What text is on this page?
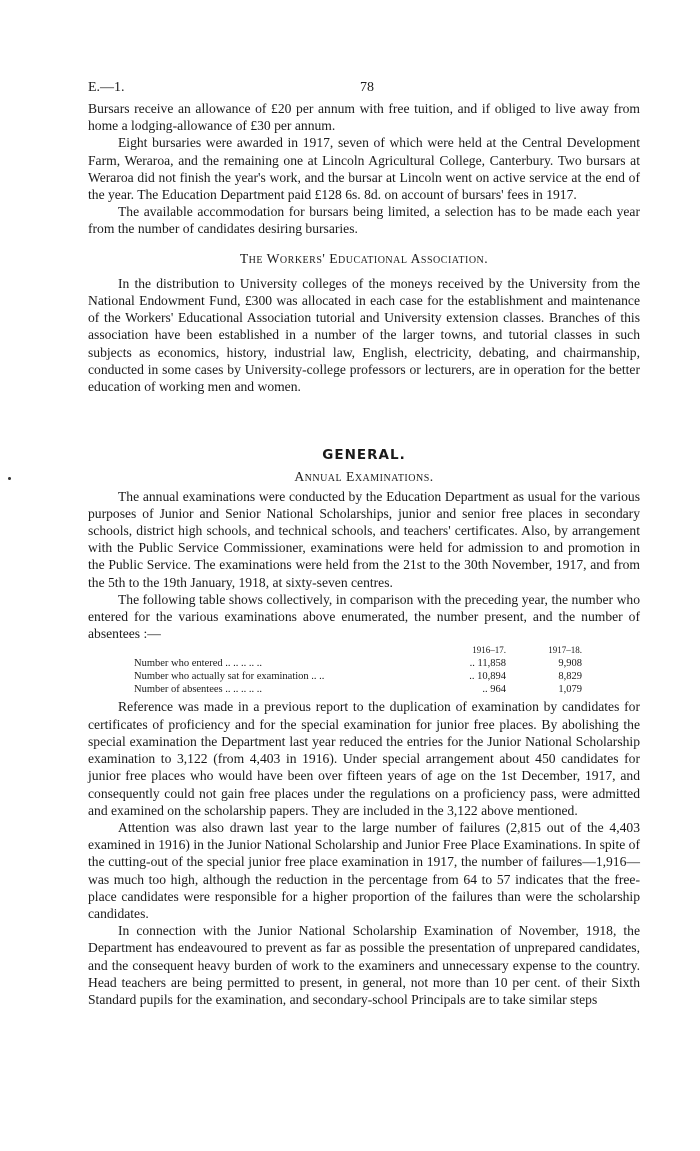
E.—1.	78

Bursars receive an allowance of £20 per annum with free tuition, and if obliged to live away from home a lodging-allowance of £30 per annum.

Eight bursaries were awarded in 1917, seven of which were held at the Central Development Farm, Weraroa, and the remaining one at Lincoln Agricultural College, Canterbury. Two bursars at Weraroa did not finish the year's work, and the bursar at Lincoln went on active service at the end of the year. The Education Department paid £128 6s. 8d. on account of bursars' fees in 1917.

The available accommodation for bursars being limited, a selection has to be made each year from the number of candidates desiring bursaries.

The Workers' Educational Association.

In the distribution to University colleges of the moneys received by the University from the National Endowment Fund, £300 was allocated in each case for the establishment and maintenance of the Workers' Educational Association tutorial and University extension classes. Branches of this association have been established in a number of the larger towns, and tutorial classes in such subjects as economics, history, industrial law, English, electricity, debating, and chairmanship, conducted in some cases by University-college professors or lecturers, are in operation for the better education of working men and women.

GENERAL.
Annual Examinations.

The annual examinations were conducted by the Education Department as usual for the various purposes of Junior and Senior National Scholarships, junior and senior free places in secondary schools, district high schools, and technical schools, and teachers' certificates. Also, by arrangement with the Public Service Commissioner, examinations were held for admission to and promotion in the Public Service. The examinations were held from the 21st to the 30th November, 1917, and from the 5th to the 19th January, 1918, at sixty-seven centres.

The following table shows collectively, in comparison with the preceding year, the number who entered for the various examinations above enumerated, the number present, and the number of absentees :—

1916–17.	1917–18.
Number who entered .. .. .. .. ..	.. 11,858	9,908
Number who actually sat for examination .. ..	.. 10,894	8,829
Number of absentees .. .. .. .. ..	.. 964	1,079

Reference was made in a previous report to the duplication of examination by candidates for certificates of proficiency and for the special examination for junior free places. By abolishing the special examination the Department last year reduced the entries for the Junior National Scholarship examination to 3,122 (from 4,403 in 1916). Under special arrangement about 450 candidates for junior free places who would have been over fifteen years of age on the 1st December, 1917, and consequently could not gain free places under the regulations on a proficiency pass, were admitted and examined on the scholarship papers. They are included in the 3,122 above mentioned.

Attention was also drawn last year to the large number of failures (2,815 out of the 4,403 examined in 1916) in the Junior National Scholarship and Junior Free Place Examinations. In spite of the cutting-out of the special junior free place examination in 1917, the number of failures—1,916—was much too high, although the reduction in the percentage from 64 to 57 indicates that the free-place candidates were responsible for a higher proportion of the failures than were the scholarship candidates.

In connection with the Junior National Scholarship Examination of November, 1918, the Department has endeavoured to prevent as far as possible the presentation of unprepared candidates, and the consequent heavy burden of work to the examiners and unnecessary expense to the country. Head teachers are being permitted to present, in general, not more than 10 per cent. of their Sixth Standard pupils for the examination, and secondary-school Principals are to take similar steps
